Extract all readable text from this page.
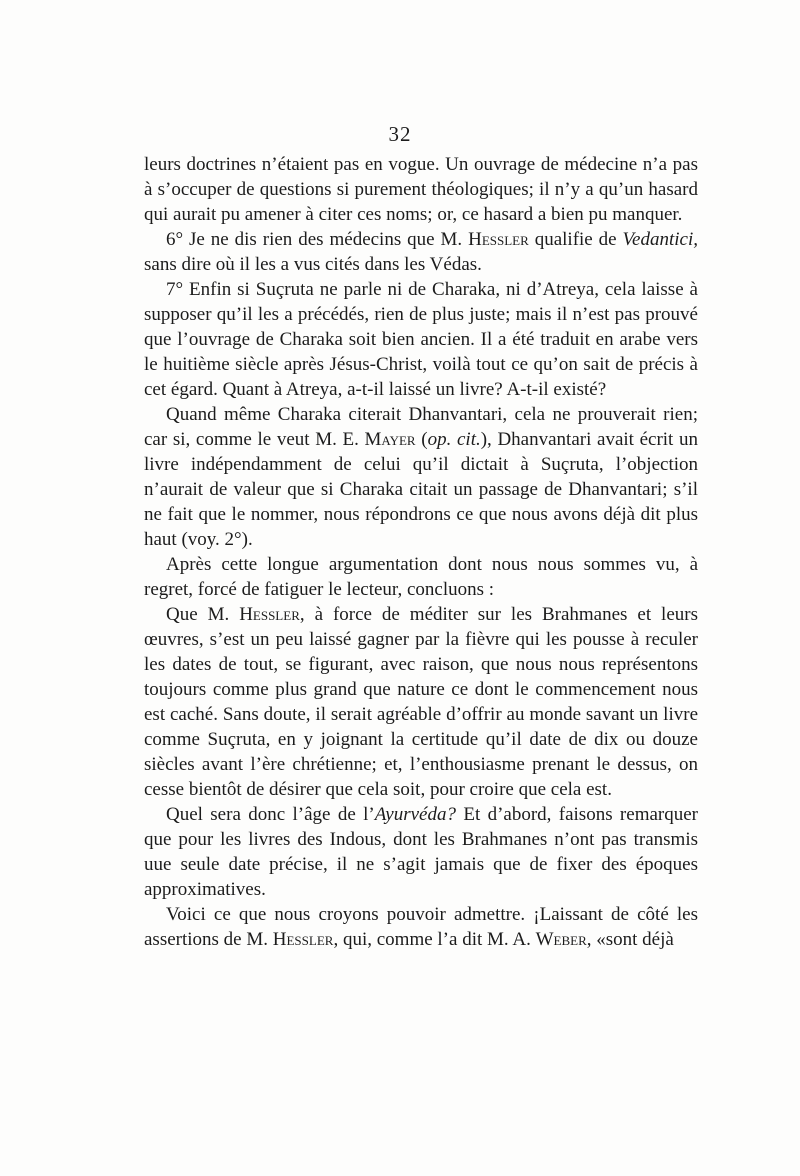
32

leurs doctrines n’étaient pas en vogue. Un ouvrage de médecine n’a pas à s’occuper de questions si purement théologiques; il n’y a qu’un hasard qui aurait pu amener à citer ces noms; or, ce hasard a bien pu manquer.

6° Je ne dis rien des médecins que M. Hessler qualifie de Vedantici, sans dire où il les a vus cités dans les Védas.

7° Enfin si Suçruta ne parle ni de Charaka, ni d’Atreya, cela laisse à supposer qu’il les a précédés, rien de plus juste; mais il n’est pas prouvé que l’ouvrage de Charaka soit bien ancien. Il a été traduit en arabe vers le huitième siècle après Jésus-Christ, voilà tout ce qu’on sait de précis à cet égard. Quant à Atreya, a-t-il laissé un livre? A-t-il existé?

Quand même Charaka citerait Dhanvantari, cela ne prouverait rien; car si, comme le veut M. E. Mayer (op. cit.), Dhanvantari avait écrit un livre indépendamment de celui qu’il dictait à Suçruta, l’objection n’aurait de valeur que si Charaka citait un passage de Dhanvantari; s’il ne fait que le nommer, nous répondrons ce que nous avons déjà dit plus haut (voy. 2°).

Après cette longue argumentation dont nous nous sommes vu, à regret, forcé de fatiguer le lecteur, concluons :

Que M. Hessler, à force de méditer sur les Brahmanes et leurs œuvres, s’est un peu laissé gagner par la fièvre qui les pousse à reculer les dates de tout, se figurant, avec raison, que nous nous représentons toujours comme plus grand que nature ce dont le commencement nous est caché. Sans doute, il serait agréable d’offrir au monde savant un livre comme Suçruta, en y joignant la certitude qu’il date de dix ou douze siècles avant l’ère chrétienne; et, l’enthousiasme prenant le dessus, on cesse bientôt de désirer que cela soit, pour croire que cela est.

Quel sera donc l’âge de l’Ayurvéda? Et d’abord, faisons remarquer que pour les livres des Indous, dont les Brahmanes n’ont pas transmis uue seule date précise, il ne s’agit jamais que de fixer des époques approximatives.

Voici ce que nous croyons pouvoir admettre. ¡Laissant de côté les assertions de M. Hessler, qui, comme l’a dit M. A. Weber, «sont déjà
